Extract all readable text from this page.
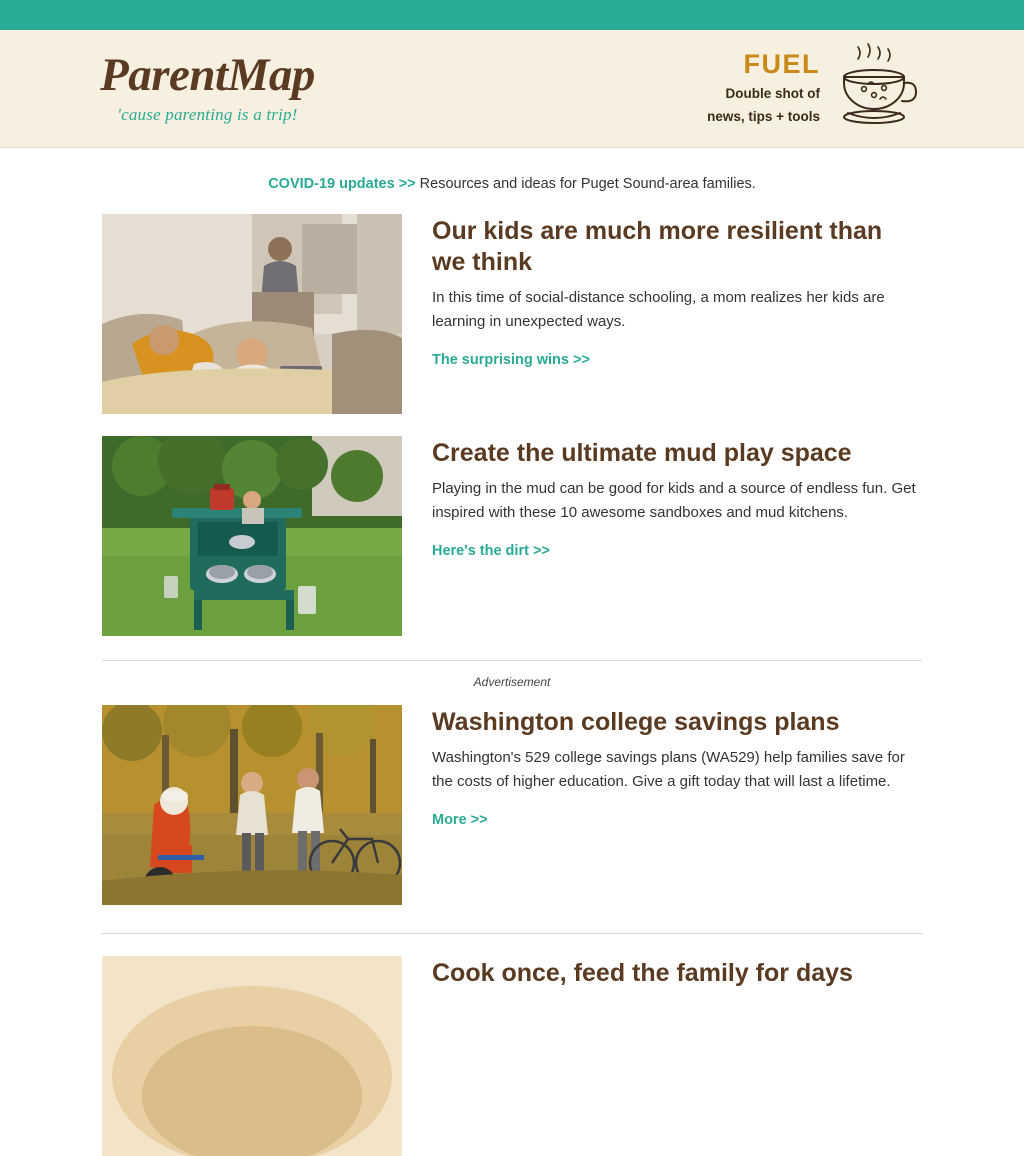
ParentMap
'cause parenting is a trip!
FUEL
Double shot of
news, tips + tools
COVID-19 updates >> Resources and ideas for Puget Sound-area families.
Our kids are much more resilient than we think

In this time of social-distance schooling, a mom realizes her kids are learning in unexpected ways.

The surprising wins >>
Create the ultimate mud play space

Playing in the mud can be good for kids and a source of endless fun. Get inspired with these 10 awesome sandboxes and mud kitchens.

Here's the dirt >>
Advertisement
Washington college savings plans

Washington's 529 college savings plans (WA529) help families save for the costs of higher education. Give a gift today that will last a lifetime.

More >>
Cook once, feed the family for days
